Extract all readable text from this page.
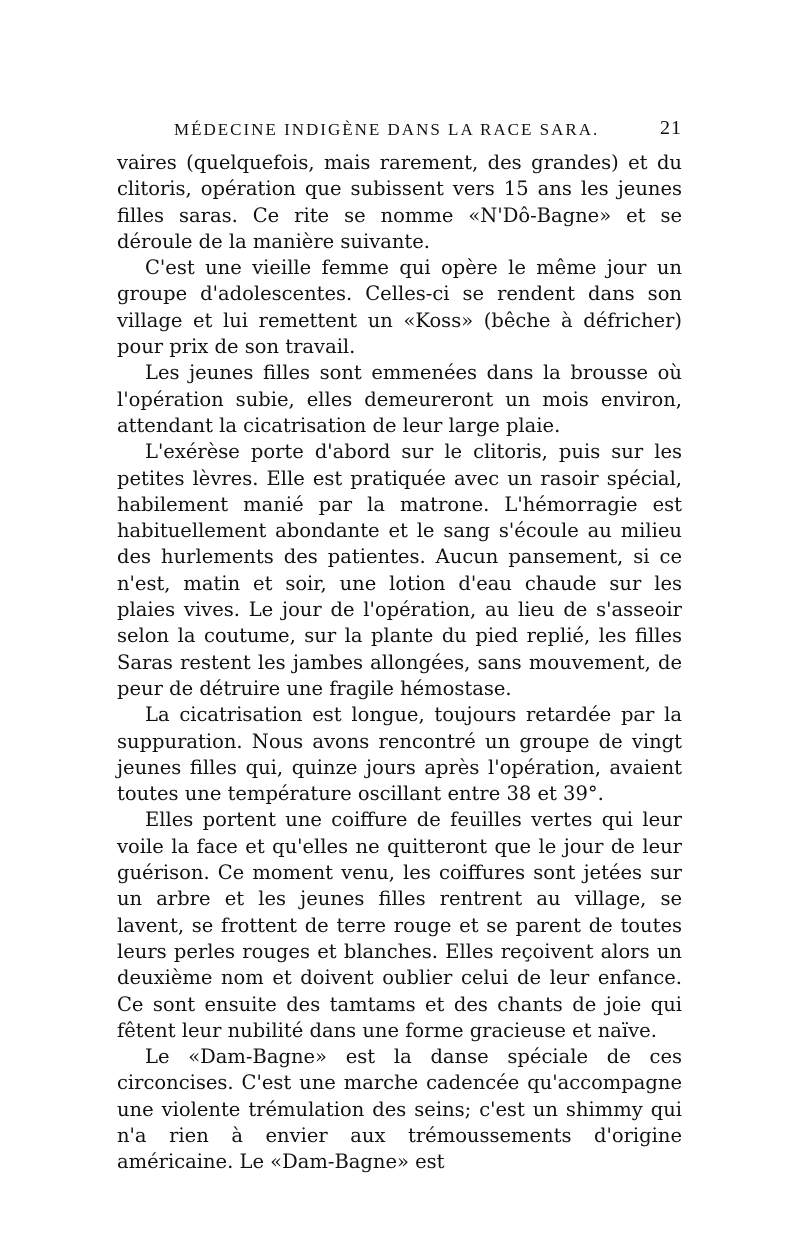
MÉDECINE INDIGÈNE DANS LA RACE SARA.	21

vaires (quelquefois, mais rarement, des grandes) et du clitoris, opération que subissent vers 15 ans les jeunes filles saras. Ce rite se nomme «N'Dô-Bagne» et se déroule de la manière suivante.

C'est une vieille femme qui opère le même jour un groupe d'adolescentes. Celles-ci se rendent dans son village et lui remettent un «Koss» (bêche à défricher) pour prix de son travail.

Les jeunes filles sont emmenées dans la brousse où l'opération subie, elles demeureront un mois environ, attendant la cicatrisation de leur large plaie.

L'exérèse porte d'abord sur le clitoris, puis sur les petites lèvres. Elle est pratiquée avec un rasoir spécial, habilement manié par la matrone. L'hémorragie est habituellement abondante et le sang s'écoule au milieu des hurlements des patientes. Aucun pansement, si ce n'est, matin et soir, une lotion d'eau chaude sur les plaies vives. Le jour de l'opération, au lieu de s'asseoir selon la coutume, sur la plante du pied replié, les filles Saras restent les jambes allongées, sans mouvement, de peur de détruire une fragile hémostase.

La cicatrisation est longue, toujours retardée par la suppuration. Nous avons rencontré un groupe de vingt jeunes filles qui, quinze jours après l'opération, avaient toutes une température oscillant entre 38 et 39°.

Elles portent une coiffure de feuilles vertes qui leur voile la face et qu'elles ne quitteront que le jour de leur guérison. Ce moment venu, les coiffures sont jetées sur un arbre et les jeunes filles rentrent au village, se lavent, se frottent de terre rouge et se parent de toutes leurs perles rouges et blanches. Elles reçoivent alors un deuxième nom et doivent oublier celui de leur enfance. Ce sont ensuite des tamtams et des chants de joie qui fêtent leur nubilité dans une forme gracieuse et naïve.

Le «Dam-Bagne» est la danse spéciale de ces circoncises. C'est une marche cadencée qu'accompagne une violente trémulation des seins; c'est un shimmy qui n'a rien à envier aux trémoussements d'origine américaine. Le «Dam-Bagne» est
